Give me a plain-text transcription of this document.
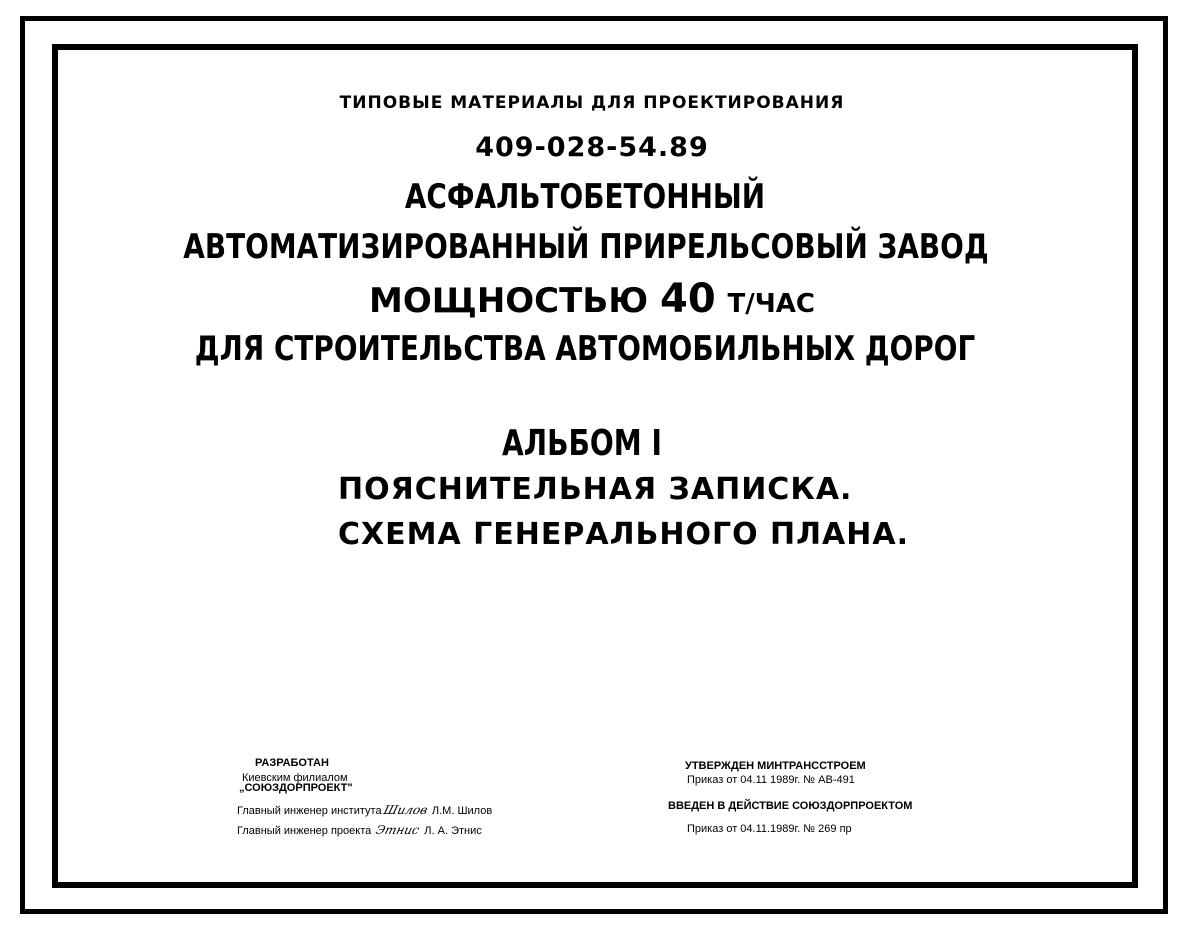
ТИПОВЫЕ МАТЕРИАЛЫ ДЛЯ ПРОЕКТИРОВАНИЯ
409-028-54.89
АСФАЛЬТОБЕТОННЫЙ
АВТОМАТИЗИРОВАННЫЙ ПРИРЕЛЬСОВЫЙ ЗАВОД
МОЩНОСТЬЮ 40 Т/ЧАС
ДЛЯ СТРОИТЕЛЬСТВА АВТОМОБИЛЬНЫХ ДОРОГ
АЛЬБОМ I
ПОЯСНИТЕЛЬНАЯ ЗАПИСКА.
СХЕМА ГЕНЕРАЛЬНОГО ПЛАНА.
РАЗРАБОТАН
Киевским филиалом
„СОЮЗДОРПРОЕКТ"
Главный инженер институтаШилов Л.М. Шилов
Главный инженер проекта Этнис Л. А. Этнис
УТВЕРЖДЕН МИНТРАНССТРОЕМ
Приказ от 04.11 1989г. № АВ-491
ВВЕДЕН В ДЕЙСТВИЕ СОЮЗДОРПРОЕКТОМ
Приказ от 04.11.1989г. № 269 пр
